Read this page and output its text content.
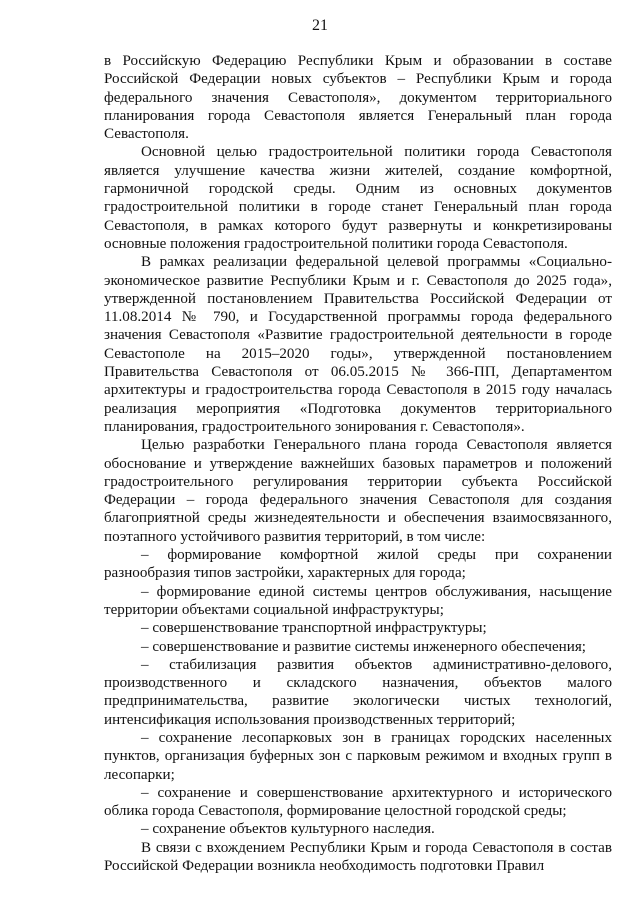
21

в Российскую Федерацию Республики Крым и образовании в составе Российской Федерации новых субъектов – Республики Крым и города федерального значения Севастополя», документом территориального планирования города Севастополя является Генеральный план города Севастополя.

Основной целью градостроительной политики города Севастополя является улучшение качества жизни жителей, создание комфортной, гармоничной городской среды. Одним из основных документов градостроительной политики в городе станет Генеральный план города Севастополя, в рамках которого будут развернуты и конкретизированы основные положения градостроительной политики города Севастополя.

В рамках реализации федеральной целевой программы «Социально-экономическое развитие Республики Крым и г. Севастополя до 2025 года», утвержденной постановлением Правительства Российской Федерации от 11.08.2014 № 790, и Государственной программы города федерального значения Севастополя «Развитие градостроительной деятельности в городе Севастополе на 2015–2020 годы», утвержденной постановлением Правительства Севастополя от 06.05.2015 № 366-ПП, Департаментом архитектуры и градостроительства города Севастополя в 2015 году началась реализация мероприятия «Подготовка документов территориального планирования, градостроительного зонирования г. Севастополя».

Целью разработки Генерального плана города Севастополя является обоснование и утверждение важнейших базовых параметров и положений градостроительного регулирования территории субъекта Российской Федерации – города федерального значения Севастополя для создания благоприятной среды жизнедеятельности и обеспечения взаимосвязанного, поэтапного устойчивого развития территорий, в том числе:

– формирование комфортной жилой среды при сохранении разнообразия типов застройки, характерных для города;

– формирование единой системы центров обслуживания, насыщение территории объектами социальной инфраструктуры;

– совершенствование транспортной инфраструктуры;

– совершенствование и развитие системы инженерного обеспечения;

– стабилизация развития объектов административно-делового, производственного и складского назначения, объектов малого предпринимательства, развитие экологически чистых технологий, интенсификация использования производственных территорий;

– сохранение лесопарковых зон в границах городских населенных пунктов, организация буферных зон с парковым режимом и входных групп в лесопарки;

– сохранение и совершенствование архитектурного и исторического облика города Севастополя, формирование целостной городской среды;

– сохранение объектов культурного наследия.

В связи с вхождением Республики Крым и города Севастополя в состав Российской Федерации возникла необходимость подготовки Правил
